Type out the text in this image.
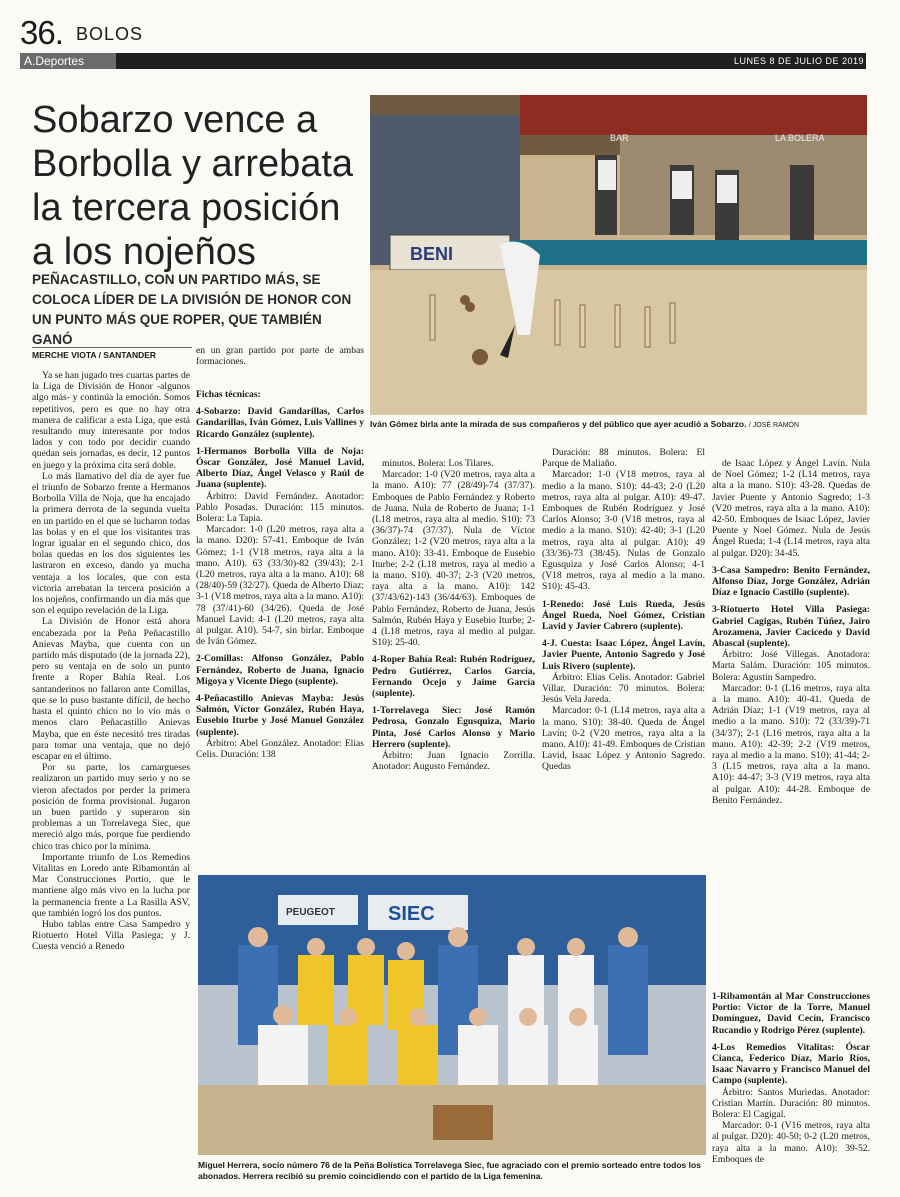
36. BOLOS
A.Deportes	LUNES 8 DE JULIO DE 2019
Sobarzo vence a Borbolla y arrebata la tercera posición a los nojeños
PEÑACASTILLO, CON UN PARTIDO MÁS, SE COLOCA LÍDER DE LA DIVISIÓN DE HONOR CON UN PUNTO MÁS QUE ROPER, QUE TAMBIÉN GANÓ
MERCHE VIOTA / SANTANDER
BAR	LA BOLERA
BENI
Iván Gómez birla ante la mirada de sus compañeros y del público que ayer acudió a Sobarzo. / JOSÉ RAMÓN

Ya se han jugado tres cuartas partes de la Liga de División de Honor -algunos algo más- y continúa la emoción. Somos repetitivos, pero es que no hay otra manera de calificar a esta Liga, que está resultando muy interesante por todos lados y con todo por decidir cuando quedan seis jornadas, es decir, 12 puntos en juego y la próxima cita será doble.

Lo más llamativo del día de ayer fue el triunfo de Sobarzo frente a Hermanos Borbolla Villa de Noja, que ha encajado la primera derrota de la segunda vuelta en un partido en el que se lucharon todas las bolas y en el que los visitantes tras lograr igualar en el segundo chico, dos bolas quedas en los dos siguientes les lastraron en exceso, dando ya mucha ventaja a los locales, que con esta victoria arrebatan la tercera posición a los nojeños, confirmando un día más que son el equipo revelación de la Liga.

La División de Honor está ahora encabezada por la Peña Peñacastillo Anievas Mayba, que cuenta con un partido más disputado (de la jornada 22), pero su ventaja en de solo un punto frente a Roper Bahía Real. Los santanderinos no fallaron ante Comillas, que se lo puso bastante difícil, de hecho hasta el quinto chico no lo vio más o menos claro Peñacastillo Anievas Mayba, que en éste necesitó tres tiradas para tomar una ventaja, que no dejó escapar en el último.

Por su parte, los camargueses realizaron un partido muy serio y no se vieron afectados por perder la primera posición de forma provisional. Jugaron un buen partido y superaron sin problemas a un Torrelavega Siec, que mereció algo más, porque fue perdiendo chico tras chico por la mínima.

Importante triunfo de Los Remedios Vitalitas en Loredo ante Ribamontán al Mar Construcciones Portio, que le mantiene algo más vivo en la lucha por la permanencia frente a La Rasilla ASV, que también logró los dos puntos.

Hubo tablas entre Casa Sampedro y Riotuerto Hotel Villa Pasiega; y J. Cuesta venció a Renedo

en un gran partido por parte de ambas formaciones.

Fichas técnicas:

4-Sobarzo: David Gandarillas, Carlos Gandarillas, Iván Gómez, Luis Vallines y Ricardo González (suplente).

1-Hermanos Borbolla Villa de Noja: Óscar González, José Manuel Lavid, Alberto Díaz, Ángel Velasco y Raúl de Juana (suplente).

Árbitro: David Fernández. Anotador: Pablo Posadas. Duración: 115 minutos. Bolera: La Tapia.

Marcador: 1-0 (L20 metros, raya alta a la mano. D20): 57-41. Emboque de Iván Gómez; 1-1 (V18 metros, raya alta a la mano. A10). 63 (33/30)-82 (39/43); 2-1 (L20 metros, raya alta a la mano. A10): 68 (28/40)-59 (32/27). Queda de Alberto Díaz; 3-1 (V18 metros, raya alta a la mano. A10): 78 (37/41)-60 (34/26). Queda de José Manuel Lavid; 4-1 (L20 metros, raya alta al pulgar. A10). 54-7, sin birlar. Emboque de Iván Gómez.

2-Comillas: Alfonso González, Pablo Fernández, Roberto de Juana, Ignacio Migoya y Vicente Diego (suplente).

4-Peñacastillo Anievas Mayba: Jesús Salmón, Víctor González, Rubén Haya, Eusebio Iturbe y José Manuel González (suplente).

Árbitro: Abel González. Anotador: Elías Celis. Duración: 138

minutos. Bolera: Los Tilares.

Marcador: 1-0 (V20 metros, raya alta a la mano. A10): 77 (28/49)-74 (37/37). Emboques de Pablo Fernández y Roberto de Juana. Nula de Roberto de Juana; 1-1 (L18 metros, raya alta al medio. S10): 73 (36/37)-74 (37/37). Nula de Víctor González; 1-2 (V20 metros, raya alta a la mano. A10): 33-41. Emboque de Eusebio Iturbe; 2-2 (L18 metros, raya al medio a la mano. S10). 40-37; 2-3 (V20 metros, raya alta a la mano. A10): 142 (37/43/62)-143 (36/44/63). Emboques de Pablo Fernández, Roberto de Juana, Jesús Salmón, Rubén Haya y Eusebio Iturbe; 2-4 (L18 metros, raya al medio al pulgar. S10): 25-40.

4-Roper Bahía Real: Rubén Rodríguez, Pedro Gutiérrez, Carlos García, Fernando Ocejo y Jaime García (suplente).

1-Torrelavega Siec: José Ramón Pedrosa, Gonzalo Egusquiza, Mario Pinta, José Carlos Alonso y Mario Herrero (suplente).

Árbitro: Juan Ignacio Zorrilla. Anotador: Augusto Fernández.

Duración: 88 minutos. Bolera: El Parque de Maliaño.

Marcador: 1-0 (V18 metros, raya al medio a la mano. S10): 44-43; 2-0 (L20 metros, raya alta al pulgar. A10): 49-47. Emboques de Rubén Rodríguez y José Carlos Alonso; 3-0 (V18 metros, raya al medio a la mano. S10): 42-40; 3-1 (L20 metros, raya alta al pulgar. A10): 49 (33/36)-73 (38/45). Nulas de Gonzalo Egusquiza y José Carlos Alonso; 4-1 (V18 metros, raya al medio a la mano. S10): 45-43.

1-Renedo: José Luis Rueda, Jesús Ángel Rueda, Noel Gómez, Cristian Lavid y Javier Cabrero (suplente).

4-J. Cuesta: Isaac López, Ángel Lavín, Javier Puente, Antonio Sagredo y José Luis Rivero (suplente).

Árbitro: Elías Celis. Anotador: Gabriel Villar. Duración: 70 minutos. Bolera: Jesús Vela Jareda.

Marcador: 0-1 (L14 metros, raya alta a la mano. S10): 38-40. Queda de Ángel Lavín; 0-2 (V20 metros, raya alta a la mano. A10): 41-49. Emboques de Cristian Lavid, Isaac López y Antonio Sagredo. Quedas

de Isaac López y Ángel Lavín. Nula de Noel Gómez; 1-2 (L14 metros, raya alta a la mano. S10): 43-28. Quedas de Javier Puente y Antonio Sagredo; 1-3 (V20 metros, raya alta a la mano. A10): 42-50. Emboques de Isaac López, Javier Puente y Noel Gómez. Nula de Jesús Ángel Rueda; 1-4 (L14 metros, raya alta al pulgar. D20): 34-45.

3-Casa Sampedro: Benito Fernández, Alfonso Díaz, Jorge González, Adrián Díaz e Ignacio Castillo (suplente).

3-Riotuerto Hotel Villa Pasiega: Gabriel Cagigas, Rubén Túñez, Jairo Arozamena, Javier Cacicedo y David Abascal (suplente).

Árbitro: José Villegas. Anotadora: Marta Salám. Duración: 105 minutos. Bolera: Agustín Sampedro.

Marcador: 0-1 (L16 metros, raya alta a la mano. A10): 40-41. Queda de Adrián Díaz; 1-1 (V19 metros, raya al medio a la mano. S10): 72 (33/39)-71 (34/37); 2-1 (L16 metros, raya alta a la mano. A10): 42-39; 2-2 (V19 metros, raya al medio a la mano. S10): 41-44; 2-3 (L15 metros, raya alta a la mano. A10): 44-47; 3-3 (V19 metros, raya alta al pulgar. A10): 44-28. Emboque de Benito Fernández.

1-Ribamontán al Mar Construcciones Portio: Víctor de la Torre, Manuel Domínguez, David Cecín, Francisco Rucandio y Rodrigo Pérez (suplente).

4-Los Remedios Vitalitas: Óscar Cianca, Federico Díaz, Mario Ríos, Isaac Navarro y Francisco Manuel del Campo (suplente).

Árbitro: Santos Muriedas. Anotador: Cristian Martín. Duración: 80 minutos. Bolera: El Cagigal.

Marcador: 0-1 (V16 metros, raya alta al pulgar. D20): 40-50; 0-2 (L20 metros, raya alta a la mano. A10): 39-52. Emboques de

SIEC
PEUGEOT
Miguel Herrera, socio número 76 de la Peña Bolística Torrelavega Siec, fue agraciado con el premio sorteado entre todos los abonados. Herrera recibió su premio coincidiendo con el partido de la Liga femenina.
